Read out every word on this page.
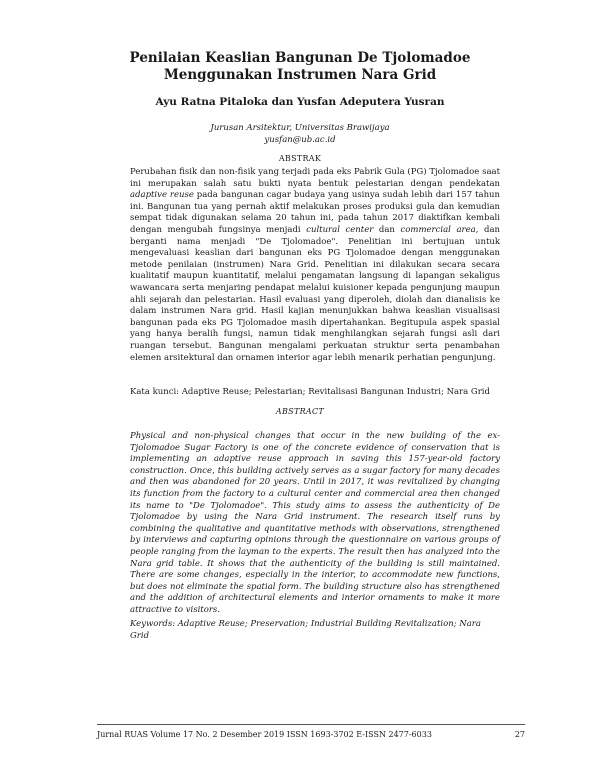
Penilaian Keaslian Bangunan De Tjolomadoe
Menggunakan Instrumen Nara Grid
Ayu Ratna Pitaloka dan Yusfan Adeputera Yusran
Jurusan Arsitektur, Universitas Brawijaya
yusfan@ub.ac.id
ABSTRAK
Perubahan fisik dan non-fisik yang terjadi pada eks Pabrik Gula (PG) Tjolomadoe saat ini merupakan salah satu bukti nyata bentuk pelestarian dengan pendekatan adaptive reuse pada bangunan cagar budaya yang usinya sudah lebih dari 157 tahun ini. Bangunan tua yang pernah aktif melakukan proses produksi gula dan kemudian sempat tidak digunakan selama 20 tahun ini, pada tahun 2017 diaktifkan kembali dengan mengubah fungsinya menjadi cultural center dan commercial area, dan berganti nama menjadi "De Tjolomadoe". Penelitian ini bertujuan untuk mengevaluasi keaslian dari bangunan eks PG Tjolomadoe dengan menggunakan metode penilaian (instrumen) Nara Grid. Penelitian ini dilakukan secara secara kualitatif maupun kuantitatif, melalui pengamatan langsung di lapangan sekaligus wawancara serta menjaring pendapat melalui kuisioner kepada pengunjung maupun ahli sejarah dan pelestarian. Hasil evaluasi yang diperoleh, diolah dan dianalisis ke dalam instrumen Nara grid. Hasil kajian menunjukkan bahwa keaslian visualisasi bangunan pada eks PG Tjolomadoe masih dipertahankan. Begitupula aspek spasial yang hanya beralih fungsi, namun tidak menghilangkan sejarah fungsi asli dari ruangan tersebut. Bangunan mengalami perkuatan struktur serta penambahan elemen arsitektural dan ornamen interior agar lebih menarik perhatian pengunjung.
Kata kunci: Adaptive Reuse; Pelestarian; Revitalisasi Bangunan Industri; Nara Grid
ABSTRACT
Physical and non-physical changes that occur in the new building of the ex-Tjolomadoe Sugar Factory is one of the concrete evidence of conservation that is implementing an adaptive reuse approach in saving this 157-year-old factory construction. Once, this building actively serves as a sugar factory for many decades and then was abandoned for 20 years. Until in 2017, it was revitalized by changing its function from the factory to a cultural center and commercial area then changed its name to "De Tjolomadoe". This study aims to assess the authenticity of De Tjolomadoe by using the Nara Grid instrument. The research itself runs by combining the qualitative and quantitative methods with observations, strengthened by interviews and capturing opinions through the questionnaire on various groups of people ranging from the layman to the experts. The result then has analyzed into the Nara grid table. It shows that the authenticity of the building is still maintained. There are some changes, especially in the interior, to accommodate new functions, but does not eliminate the spatial form. The building structure also has strengthened and the addition of architectural elements and interior ornaments to make it more attractive to visitors.
Keywords: Adaptive Reuse; Preservation; Industrial Building Revitalization; Nara Grid
Jurnal RUAS Volume 17 No. 2 Desember 2019 ISSN 1693-3702 E-ISSN 2477-6033	27
